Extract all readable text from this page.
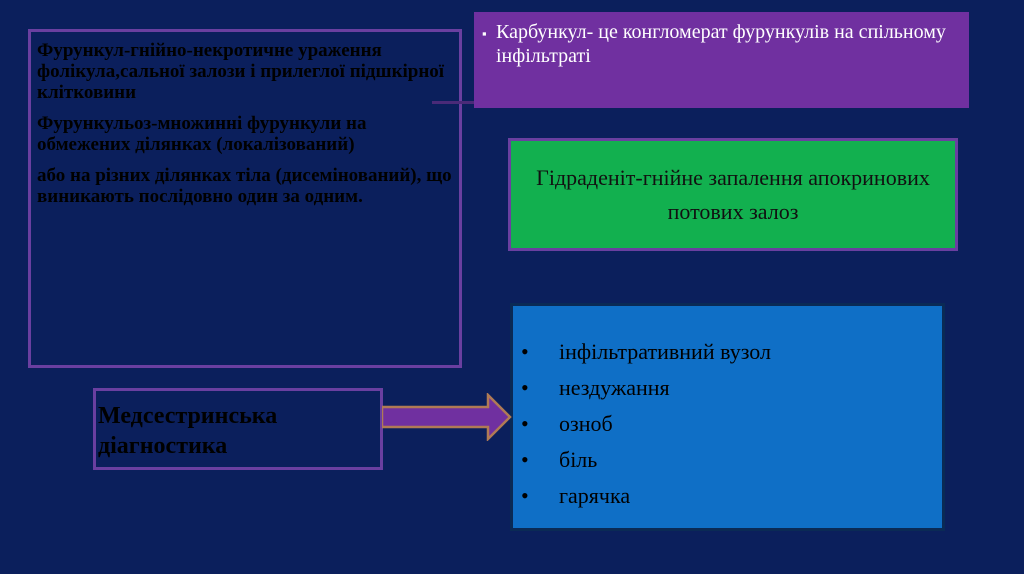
Фурункул-гнійно-некротичне ураження фолікула,сальної залози і прилеглої підшкірної клітковини

Фурункульоз-множинні фурункули на обмежених ділянках (локалізований)

або на різних ділянках тіла (дисемінований), що виникають послідовно один за одним.

▪ Карбункул- це конгломерат фурункулів на спільному інфільтраті
Гідраденіт-гнійне запалення апокринових потових залоз
•	інфільтративний вузол
•	нездужання
•	озноб
•	біль
•	гарячка
Медсестринська діагностика
